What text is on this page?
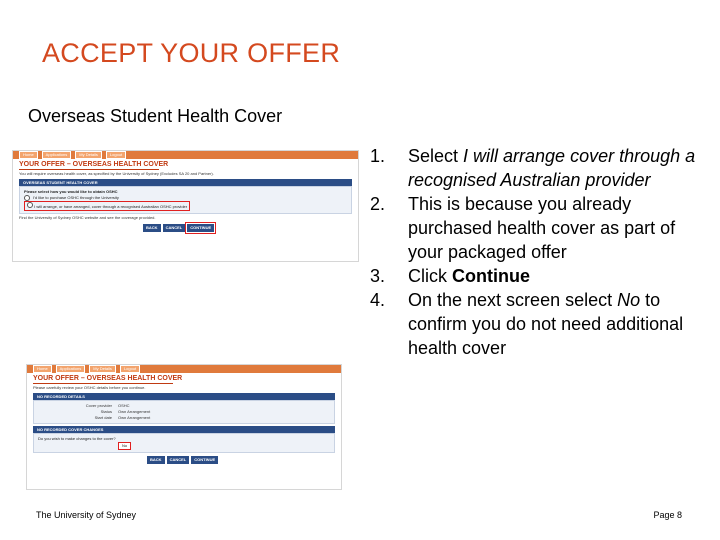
ACCEPT YOUR OFFER
Overseas Student Health Cover
Home	Applications	My Details	Logout
YOUR OFFER – OVERSEAS HEALTH COVER
You will require overseas health cover, as specified by the University of Sydney (Excludes SA 20 and Partner).
OVERSEAS STUDENT HEALTH COVER
Please select how you would like to obtain OSHC
I'd like to purchase OSHC through the University
I will arrange, or have arranged, cover through a recognised Australian OSHC provider
Find the University of Sydney OSHC website and see the coverage provided.
BACK	CANCEL	CONTINUE
Home	Applications	My Details	Logout
YOUR OFFER – OVERSEAS HEALTH COVER
Please carefully review your OSHC details before you continue.
NO RECORDED DETAILS
Cover provider	OSHC
Status	Own Arrangement
Start date	Own Arrangement
NO RECORDED COVER CHANGES
Do you wish to make changes to the cover?
No
BACK	CANCEL	CONTINUE
1. Select I will arrange cover through a recognised Australian provider
2. This is because you already purchased health cover as part of your packaged offer
3. Click Continue
4. On the next screen select No to confirm you do not need additional health cover
The University of Sydney	Page 8
